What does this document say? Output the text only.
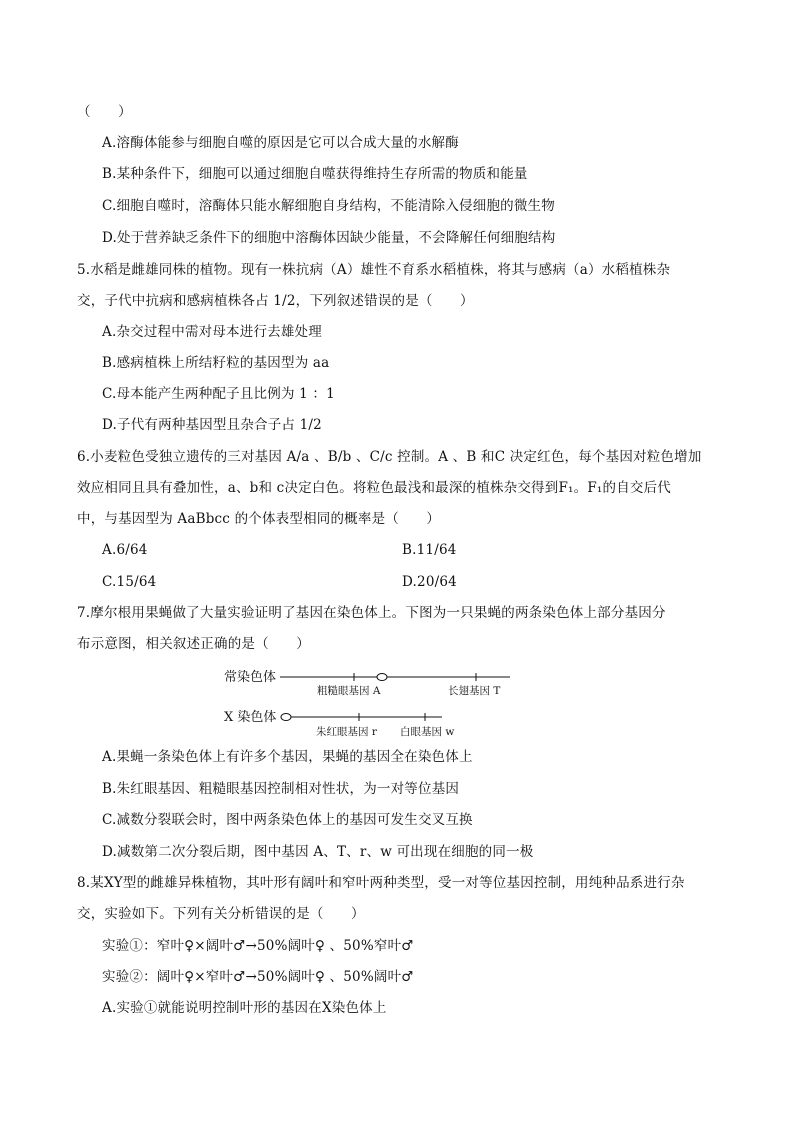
（　　）
A.溶酶体能参与细胞自噬的原因是它可以合成大量的水解酶
B.某种条件下，细胞可以通过细胞自噬获得维持生存所需的物质和能量
C.细胞自噬时，溶酶体只能水解细胞自身结构，不能清除入侵细胞的微生物
D.处于营养缺乏条件下的细胞中溶酶体因缺少能量，不会降解任何细胞结构
5.水稻是雌雄同株的植物。现有一株抗病（A）雄性不育系水稻植株，将其与感病（a）水稻植株杂
交，子代中抗病和感病植株各占 1/2，下列叙述错误的是（　　）
A.杂交过程中需对母本进行去雄处理
B.感病植株上所结籽粒的基因型为 aa
C.母本能产生两种配子且比例为 1 ：1
D.子代有两种基因型且杂合子占 1/2
6.小麦粒色受独立遗传的三对基因 A/a 、B/b 、C/c 控制。A 、B 和C 决定红色，每个基因对粒色增加
效应相同且具有叠加性，a、b和 c决定白色。将粒色最浅和最深的植株杂交得到F₁。F₁的自交后代
中，与基因型为 AaBbcc 的个体表型相同的概率是（　　）
A.6/64	B.11/64
C.15/64	D.20/64
7.摩尔根用果蝇做了大量实验证明了基因在染色体上。下图为一只果蝇的两条染色体上部分基因分
布示意图，相关叙述正确的是（　　）
常染色体
粗糙眼基因 A	长翅基因 T
X 染色体
朱红眼基因 r 白眼基因 w
A.果蝇一条染色体上有许多个基因，果蝇的基因全在染色体上
B.朱红眼基因、粗糙眼基因控制相对性状，为一对等位基因
C.减数分裂联会时，图中两条染色体上的基因可发生交叉互换
D.减数第二次分裂后期，图中基因 A、T、r、w 可出现在细胞的同一极
8.某XY型的雌雄异株植物，其叶形有阔叶和窄叶两种类型，受一对等位基因控制，用纯种品系进行杂
交，实验如下。下列有关分析错误的是（　　）
实验①：窄叶♀×阔叶♂→50%阔叶♀ 、50%窄叶♂
实验②：阔叶♀×窄叶♂→50%阔叶♀ 、50%阔叶♂
A.实验①就能说明控制叶形的基因在X染色体上
